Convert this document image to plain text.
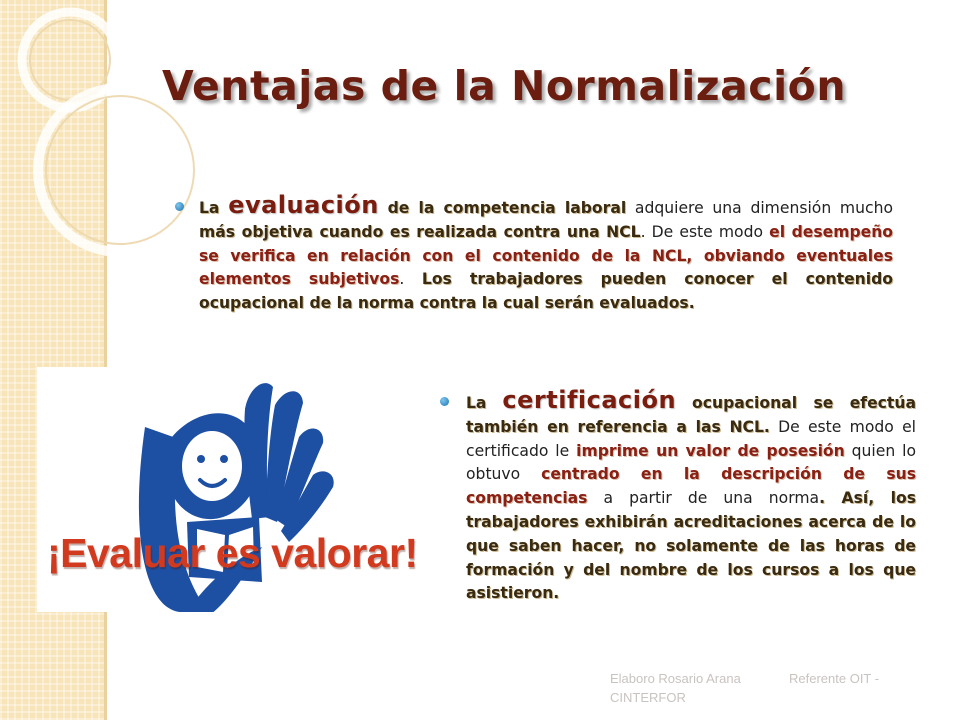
Ventajas de la Normalización
La evaluación de la competencia laboral adquiere una dimensión mucho más objetiva cuando es realizada contra una NCL. De este modo el desempeño se verifica en relación con el contenido de la NCL, obviando eventuales elementos subjetivos. Los trabajadores pueden conocer el contenido ocupacional de la norma contra la cual serán evaluados.
¡Evaluar es valorar!
La certificación ocupacional se efectúa también en referencia a las NCL. De este modo el certificado le imprime un valor de posesión quien lo obtuvo centrado en la descripción de sus competencias a partir de una norma. Así, los trabajadores exhibirán acreditaciones acerca de lo que saben hacer, no solamente de las horas de formación y del nombre de los cursos a los que asistieron.
Elaboro Rosario Arana	Referente OIT -
CINTERFOR
